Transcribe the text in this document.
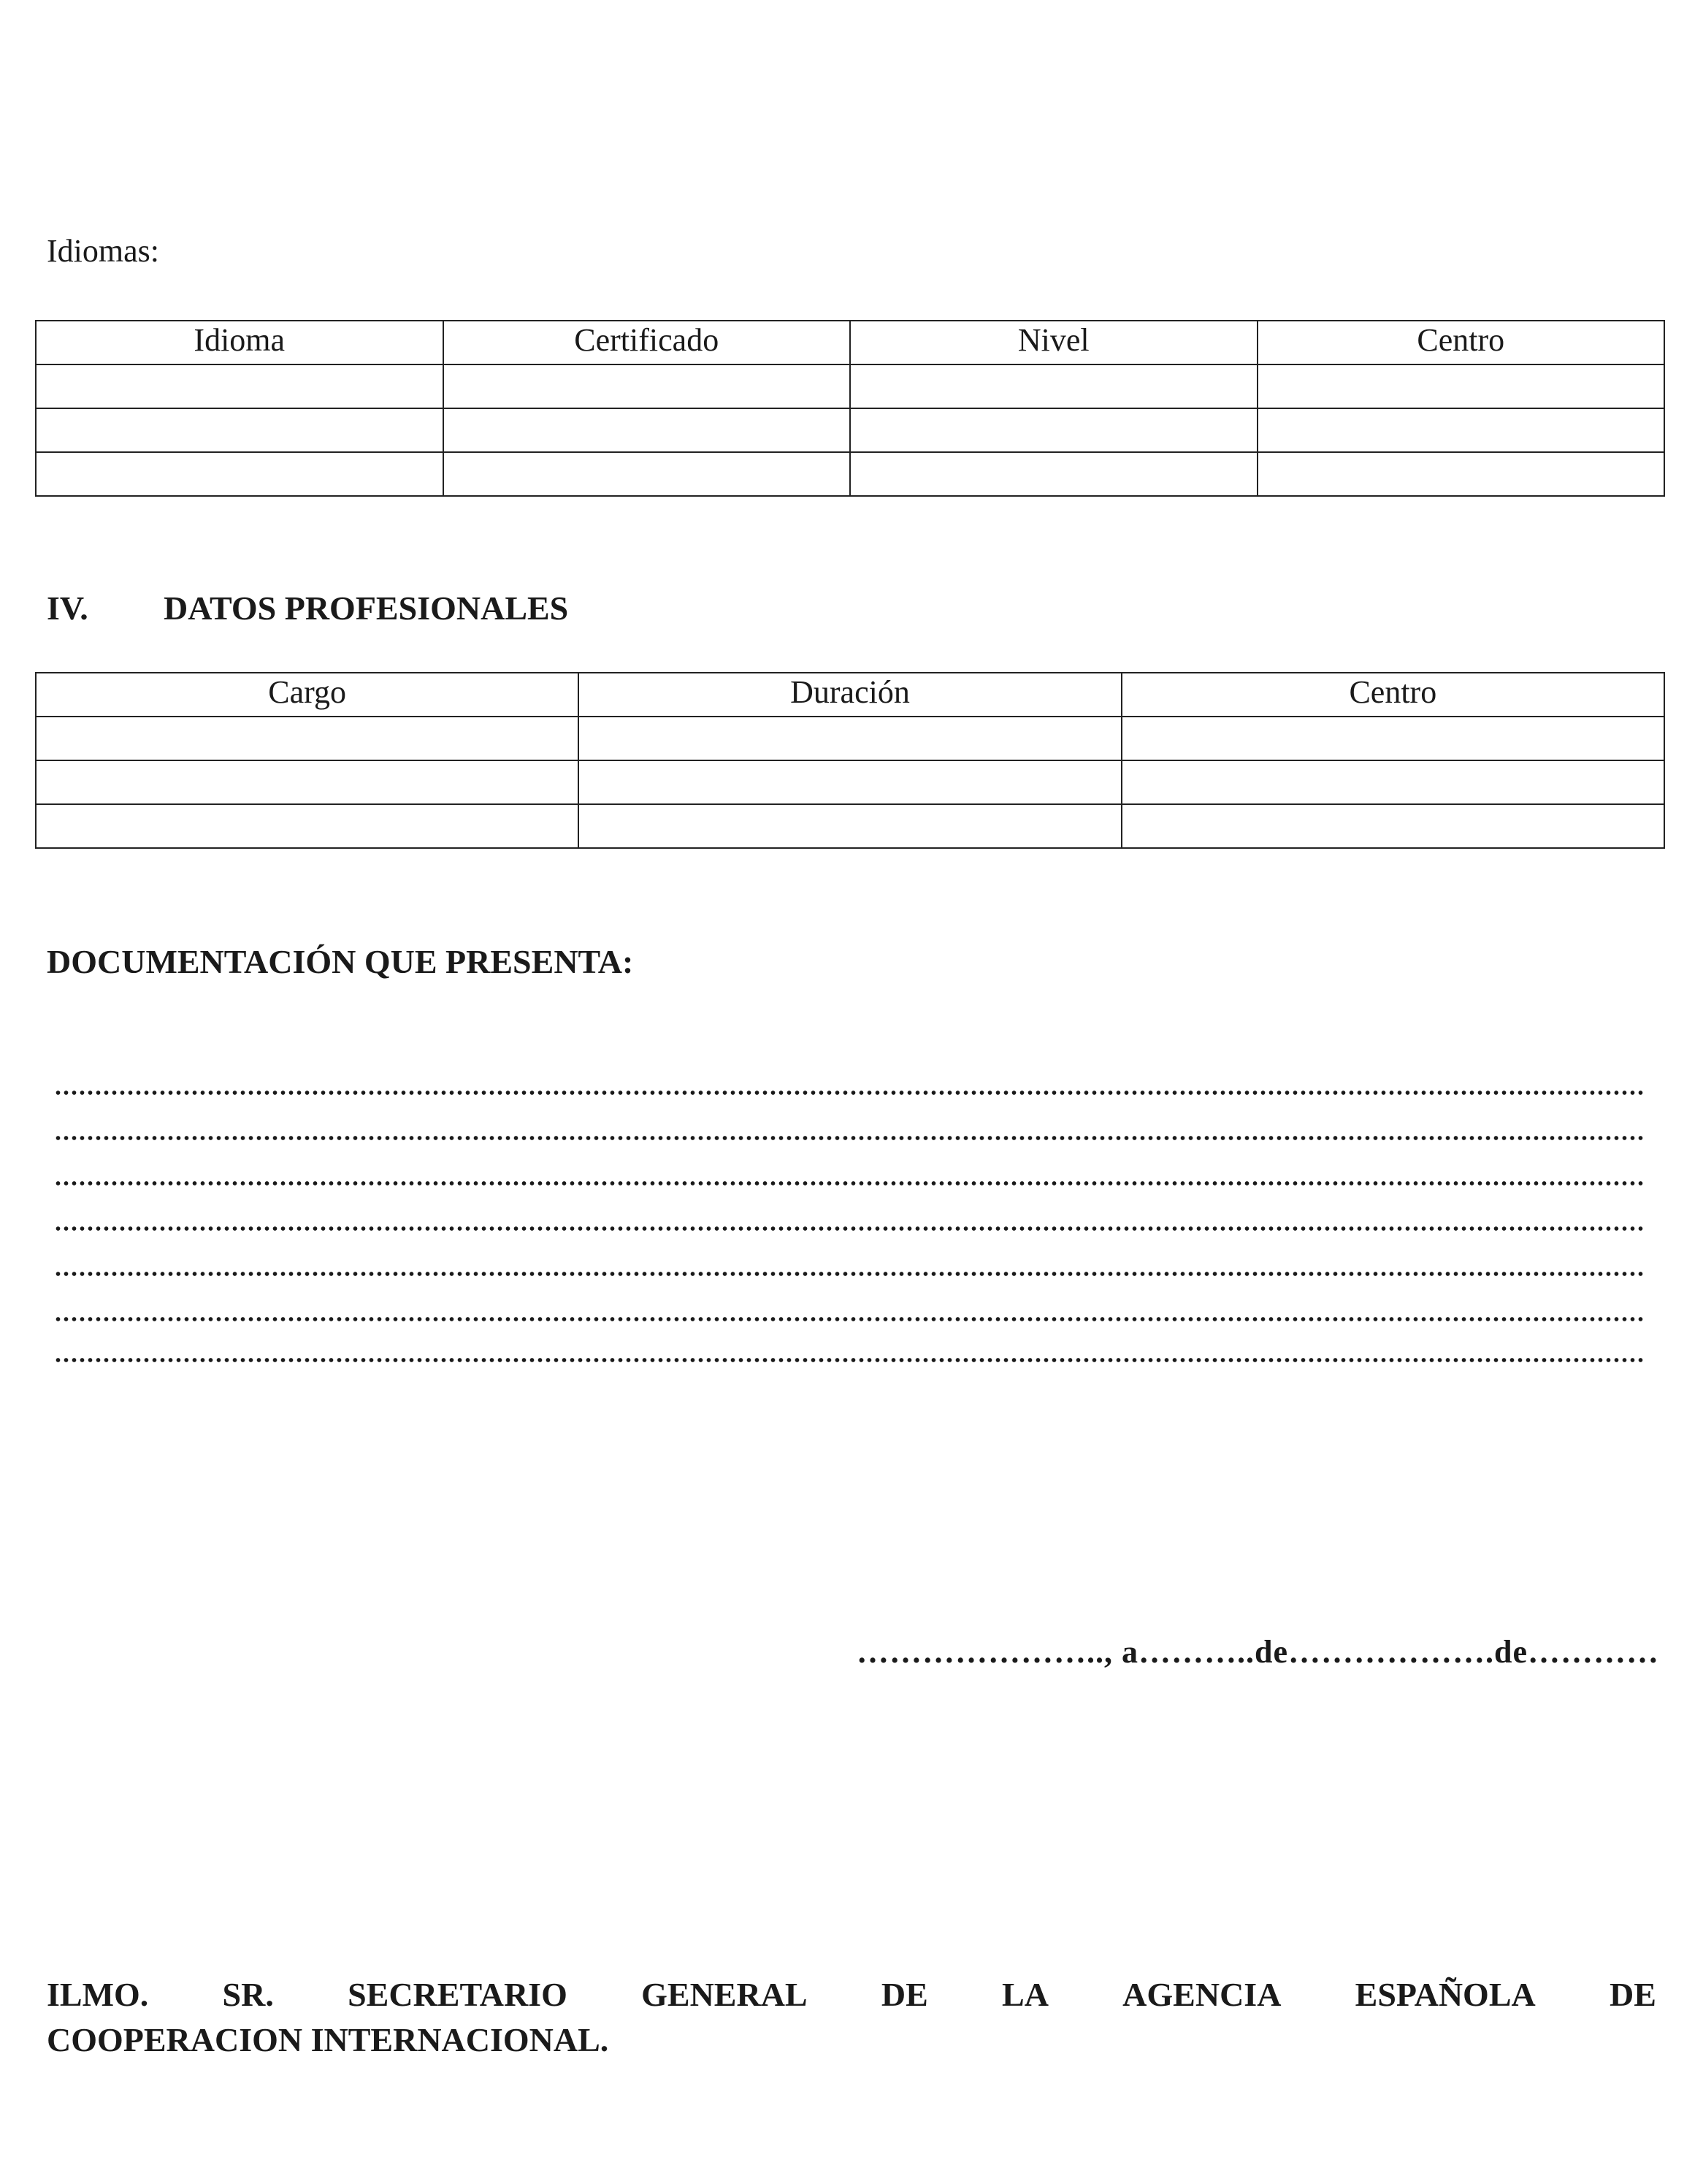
Idiomas:
Idioma	Certificado	Nivel	Centro

IV. DATOS PROFESIONALES
Cargo	Duración	Centro

DOCUMENTACIÓN QUE PRESENTA:
………………….., a………..de……………….de…………
ILMO. SR. SECRETARIO GENERAL DE LA AGENCIA ESPAÑOLA DE
COOPERACION INTERNACIONAL.
